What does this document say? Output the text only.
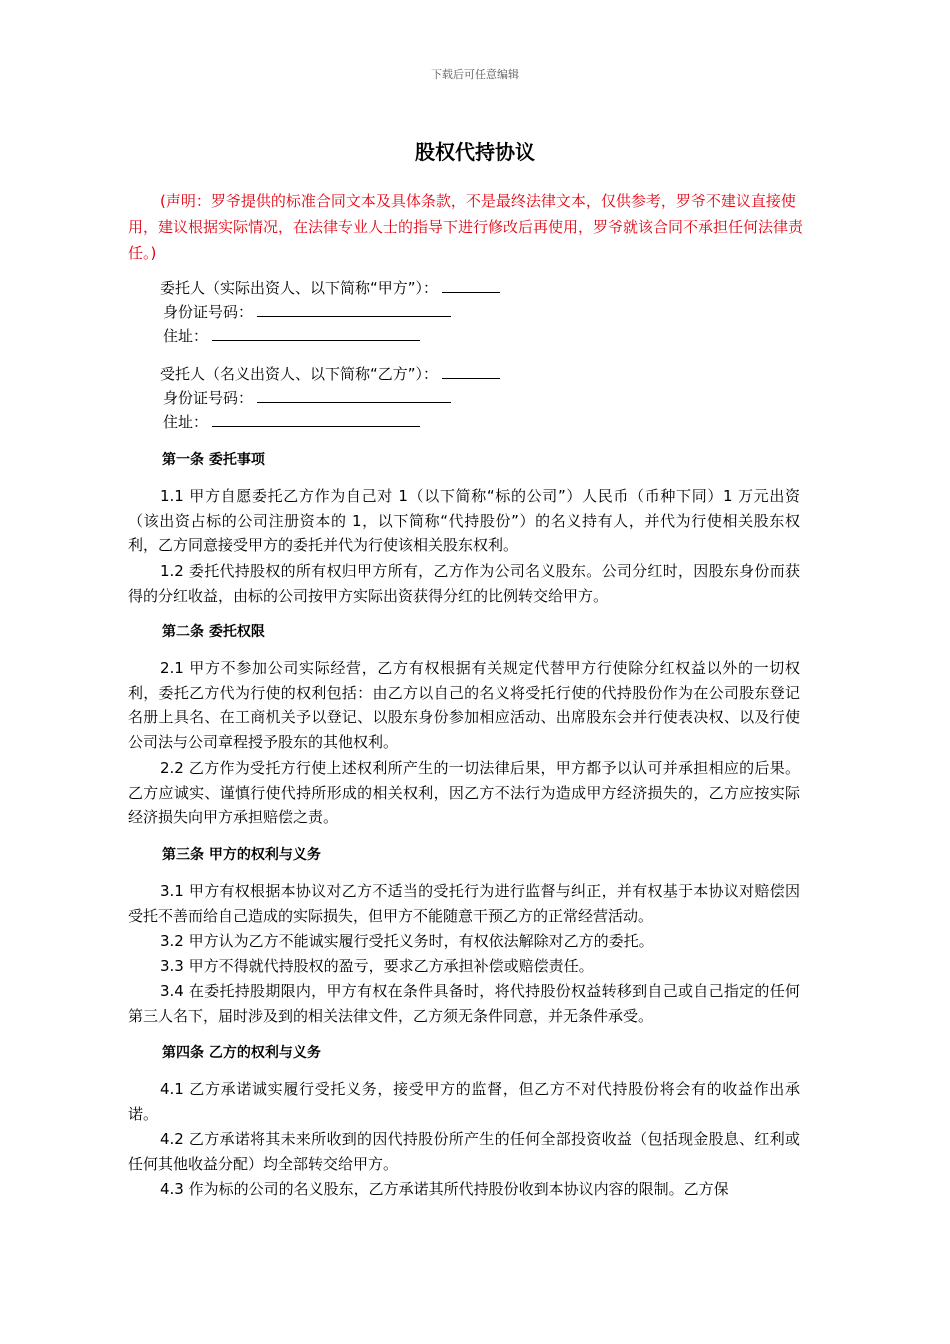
下载后可任意编辑
股权代持协议
(声明：罗爷提供的标准合同文本及具体条款，不是最终法律文本，仅供参考，罗爷不建议直接使用，建议根据实际情况，在法律专业人士的指导下进行修改后再使用，罗爷就该合同不承担任何法律责任。)
委托人（实际出资人、以下简称“甲方”）：
身份证号码：
住址：
受托人（名义出资人、以下简称“乙方”）：
身份证号码：
住址：
第一条 委托事项
1.1 甲方自愿委托乙方作为自己对 1（以下简称“标的公司”）人民币（币种下同）1 万元出资（该出资占标的公司注册资本的 1，以下简称“代持股份”）的名义持有人，并代为行使相关股东权利，乙方同意接受甲方的委托并代为行使该相关股东权利。
1.2 委托代持股权的所有权归甲方所有，乙方作为公司名义股东。公司分红时，因股东身份而获得的分红收益，由标的公司按甲方实际出资获得分红的比例转交给甲方。
第二条 委托权限
2.1 甲方不参加公司实际经营，乙方有权根据有关规定代替甲方行使除分红权益以外的一切权利，委托乙方代为行使的权利包括：由乙方以自己的名义将受托行使的代持股份作为在公司股东登记名册上具名、在工商机关予以登记、以股东身份参加相应活动、出席股东会并行使表决权、以及行使公司法与公司章程授予股东的其他权利。
2.2 乙方作为受托方行使上述权利所产生的一切法律后果，甲方都予以认可并承担相应的后果。乙方应诚实、谨慎行使代持所形成的相关权利，因乙方不法行为造成甲方经济损失的，乙方应按实际经济损失向甲方承担赔偿之责。
第三条 甲方的权利与义务
3.1 甲方有权根据本协议对乙方不适当的受托行为进行监督与纠正，并有权基于本协议对赔偿因受托不善而给自己造成的实际损失，但甲方不能随意干预乙方的正常经营活动。
3.2 甲方认为乙方不能诚实履行受托义务时，有权依法解除对乙方的委托。
3.3 甲方不得就代持股权的盈亏，要求乙方承担补偿或赔偿责任。
3.4 在委托持股期限内，甲方有权在条件具备时，将代持股份权益转移到自己或自己指定的任何第三人名下，届时涉及到的相关法律文件，乙方须无条件同意，并无条件承受。
第四条 乙方的权利与义务
4.1 乙方承诺诚实履行受托义务，接受甲方的监督，但乙方不对代持股份将会有的收益作出承诺。
4.2 乙方承诺将其未来所收到的因代持股份所产生的任何全部投资收益（包括现金股息、红利或任何其他收益分配）均全部转交给甲方。
4.3 作为标的公司的名义股东，乙方承诺其所代持股份收到本协议内容的限制。乙方保
